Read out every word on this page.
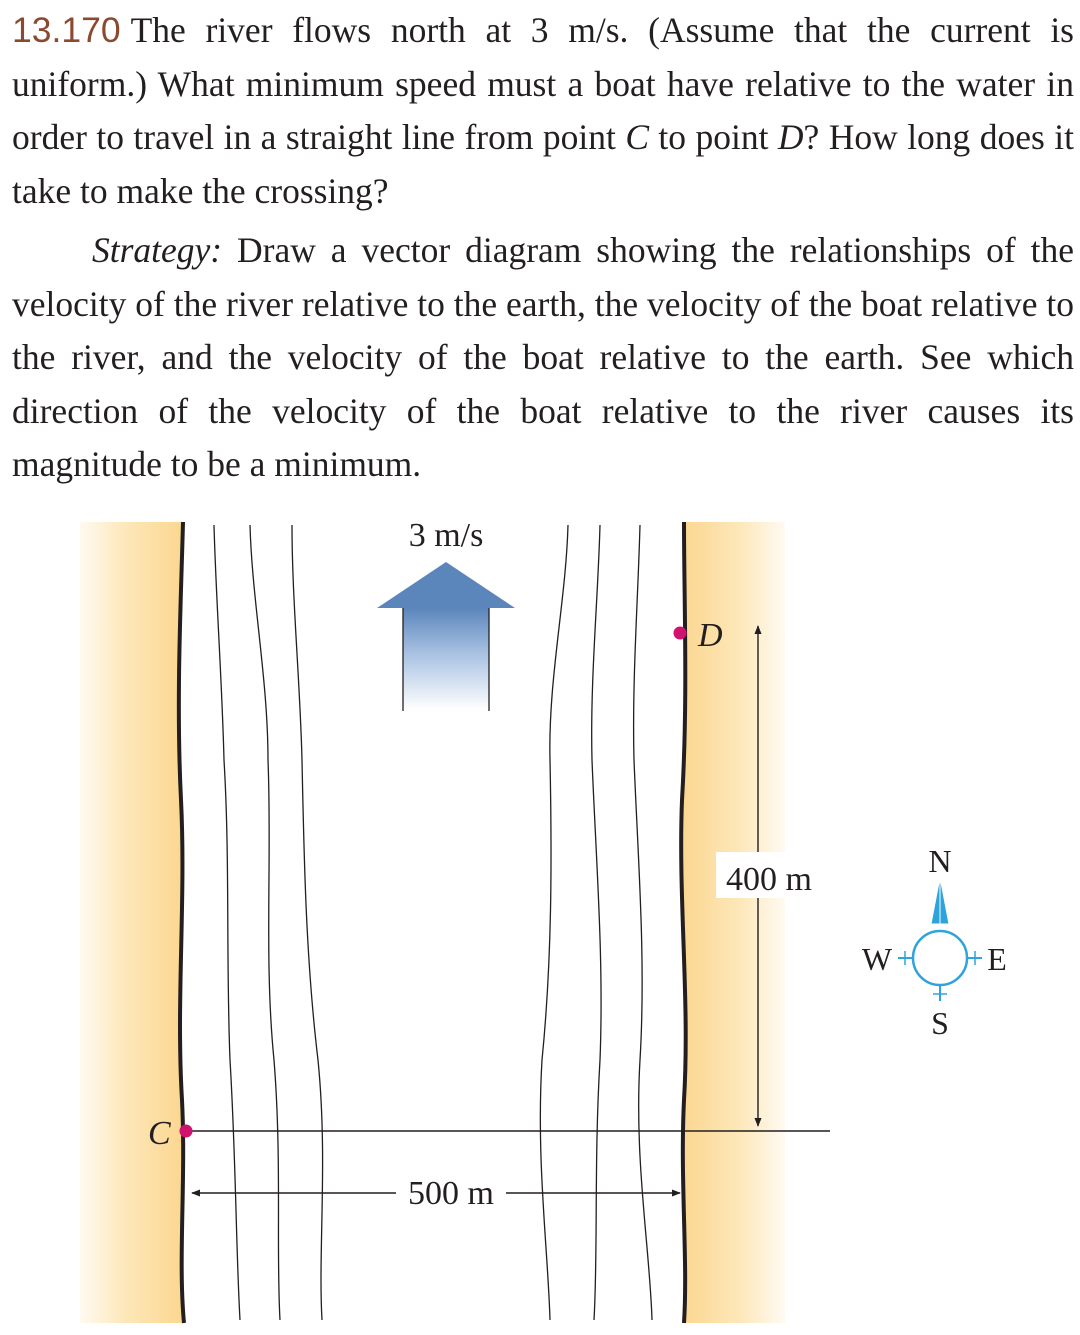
13.170 The river flows north at 3 m/s. (Assume that the current is uniform.) What minimum speed must a boat have relative to the water in order to travel in a straight line from point C to point D? How long does it take to make the crossing?

Strategy: Draw a vector diagram showing the relationships of the velocity of the river relative to the earth, the velocity of the boat relative to the river, and the velocity of the boat relative to the earth. See which direction of the velocity of the boat relative to the river causes its magnitude to be a minimum.

3 m/s
C
D
400 m
500 m
N
S
W	E
